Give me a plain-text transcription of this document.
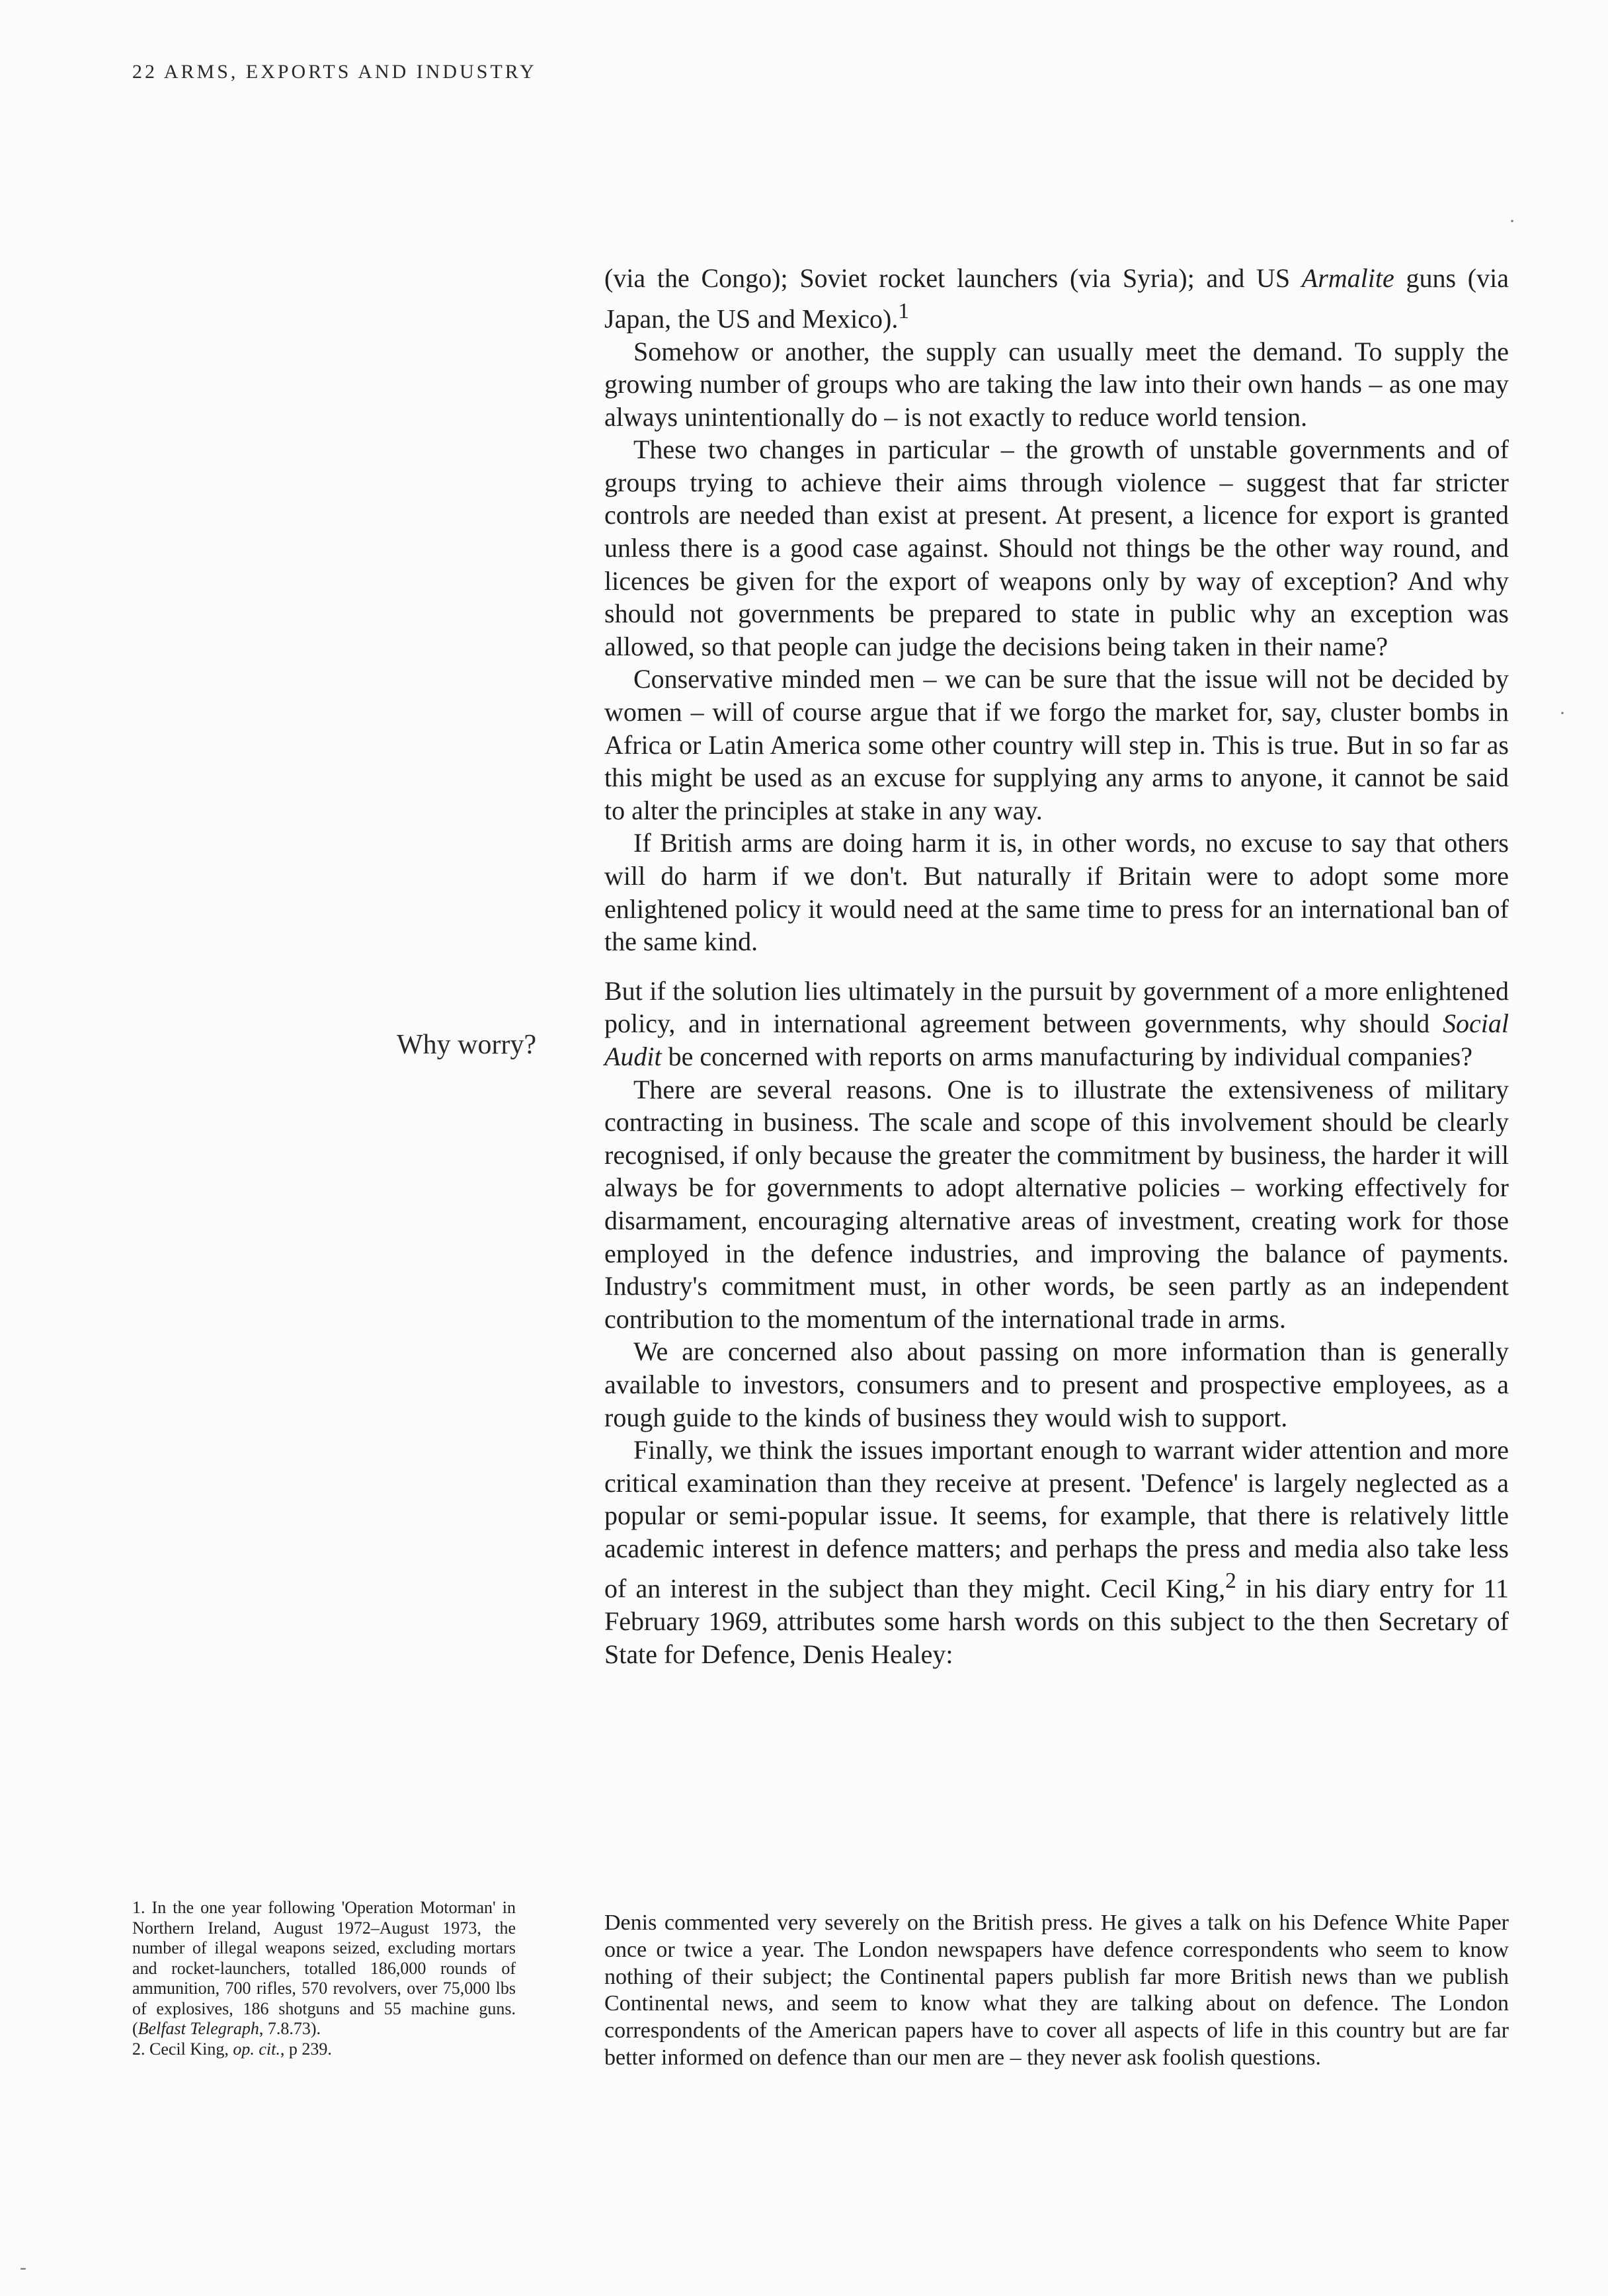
22 ARMS, EXPORTS AND INDUSTRY
Why worry?

(via the Congo); Soviet rocket launchers (via Syria); and US Armalite guns (via Japan, the US and Mexico).$^1$

Somehow or another, the supply can usually meet the demand. To supply the growing number of groups who are taking the law into their own hands – as one may always unintentionally do – is not exactly to reduce world tension.

These two changes in particular – the growth of unstable governments and of groups trying to achieve their aims through violence – suggest that far stricter controls are needed than exist at present. At present, a licence for export is granted unless there is a good case against. Should not things be the other way round, and licences be given for the export of weapons only by way of exception? And why should not governments be prepared to state in public why an exception was allowed, so that people can judge the decisions being taken in their name?

Conservative minded men – we can be sure that the issue will not be decided by women – will of course argue that if we forgo the market for, say, cluster bombs in Africa or Latin America some other country will step in. This is true. But in so far as this might be used as an excuse for supplying any arms to anyone, it cannot be said to alter the principles at stake in any way.

If British arms are doing harm it is, in other words, no excuse to say that others will do harm if we don't. But naturally if Britain were to adopt some more enlightened policy it would need at the same time to press for an international ban of the same kind.

But if the solution lies ultimately in the pursuit by government of a more enlightened policy, and in international agreement between governments, why should Social Audit be concerned with reports on arms manufacturing by individual companies?

There are several reasons. One is to illustrate the extensiveness of military contracting in business. The scale and scope of this involvement should be clearly recognised, if only because the greater the commitment by business, the harder it will always be for governments to adopt alternative policies – working effectively for disarmament, encouraging alternative areas of investment, creating work for those employed in the defence industries, and improving the balance of payments. Industry's commitment must, in other words, be seen partly as an independent contribution to the momentum of the international trade in arms.

We are concerned also about passing on more information than is generally available to investors, consumers and to present and prospective employees, as a rough guide to the kinds of business they would wish to support.

Finally, we think the issues important enough to warrant wider attention and more critical examination than they receive at present. 'Defence' is largely neglected as a popular or semi-popular issue. It seems, for example, that there is relatively little academic interest in defence matters; and perhaps the press and media also take less of an interest in the subject than they might. Cecil King,$^2$ in his diary entry for 11 February 1969, attributes some harsh words on this subject to the then Secretary of State for Defence, Denis Healey:

Denis commented very severely on the British press. He gives a talk on his Defence White Paper once or twice a year. The London newspapers have defence correspondents who seem to know nothing of their subject; the Continental papers publish far more British news than we publish Continental news, and seem to know what they are talking about on defence. The London correspondents of the American papers have to cover all aspects of life in this country but are far better informed on defence than our men are – they never ask foolish questions.

1. In the one year following 'Operation Motorman' in Northern Ireland, August 1972–August 1973, the number of illegal weapons seized, excluding mortars and rocket-launchers, totalled 186,000 rounds of ammunition, 700 rifles, 570 revolvers, over 75,000 lbs of explosives, 186 shotguns and 55 machine guns. (Belfast Telegraph, 7.8.73).

2. Cecil King, op. cit., p 239.

·
·
-
